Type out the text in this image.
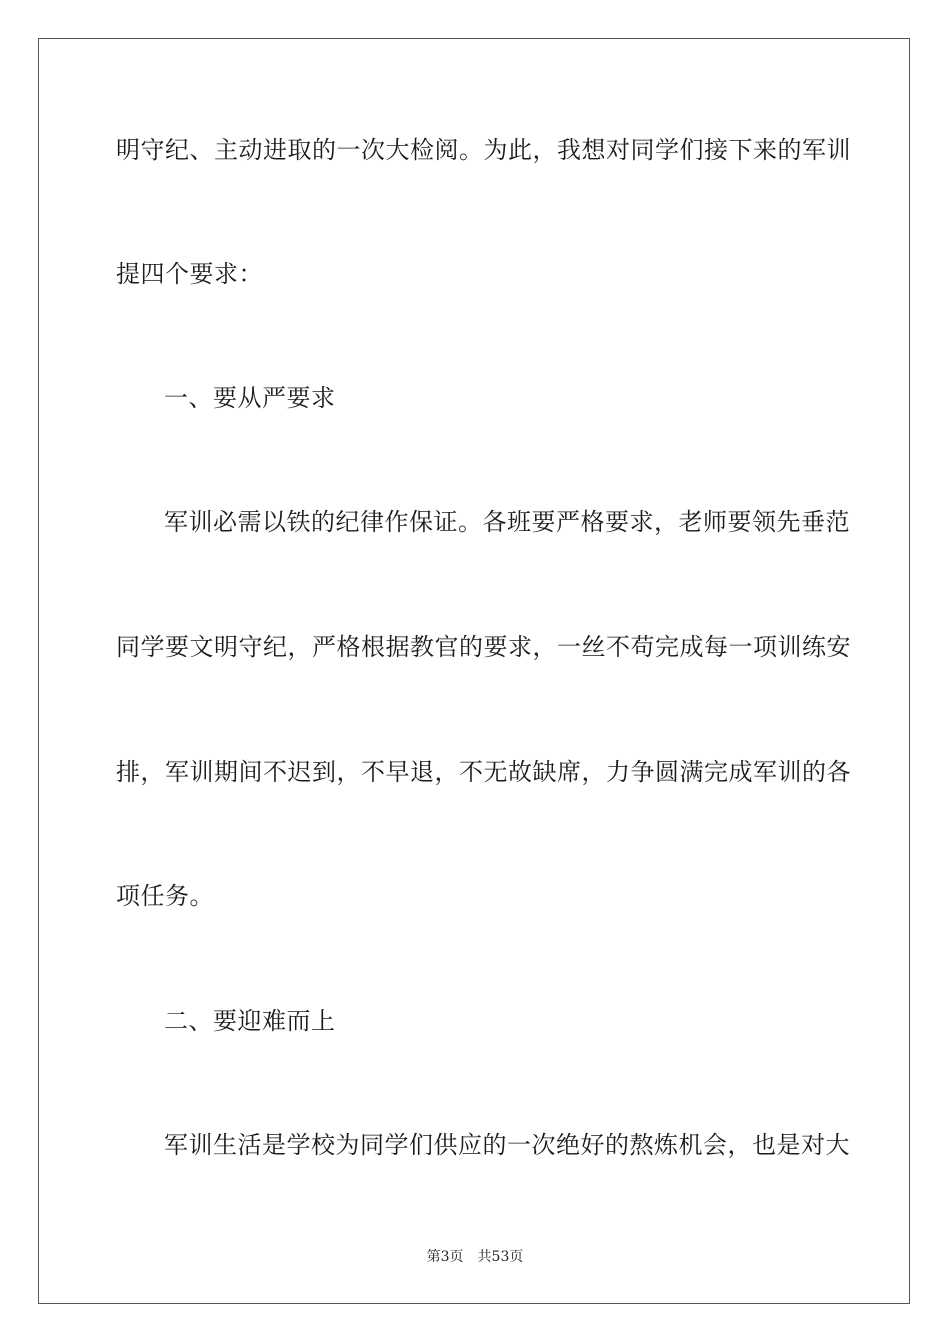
明守纪、主动进取的一次大检阅。为此，我想对同学们接下来的军训
提四个要求：
一、要从严要求
军训必需以铁的纪律作保证。各班要严格要求，老师要领先垂范
同学要文明守纪，严格根据教官的要求，一丝不苟完成每一项训练安
排，军训期间不迟到，不早退，不无故缺席，力争圆满完成军训的各
项任务。
二、要迎难而上
军训生活是学校为同学们供应的一次绝好的熬炼机会，也是对大
第3页 共53页
